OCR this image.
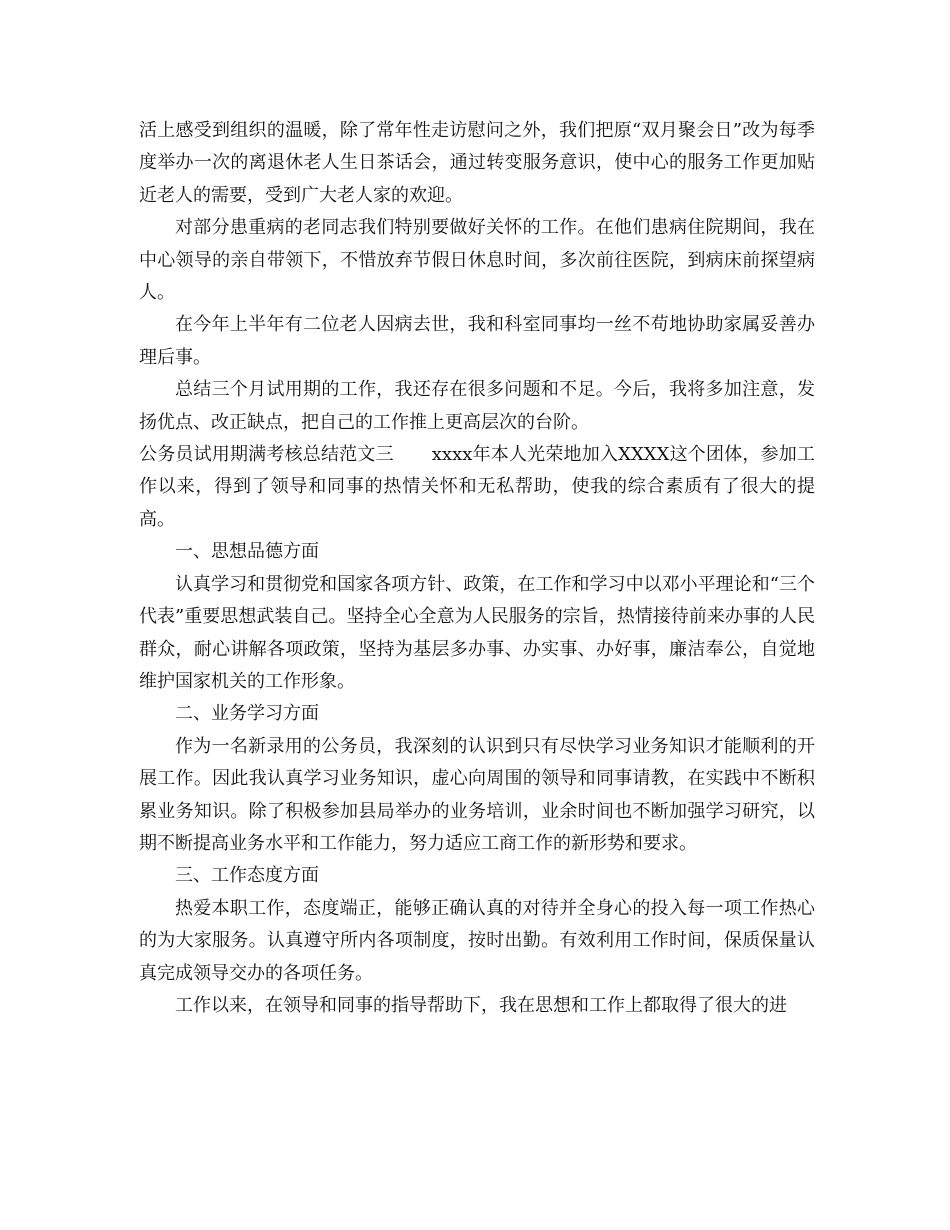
活上感受到组织的温暖，除了常年性走访慰问之外，我们把原“双月聚会日”改为每季度举办一次的离退休老人生日茶话会，通过转变服务意识，使中心的服务工作更加贴近老人的需要，受到广大老人家的欢迎。

对部分患重病的老同志我们特别要做好关怀的工作。在他们患病住院期间，我在中心领导的亲自带领下，不惜放弃节假日休息时间，多次前往医院，到病床前探望病人。

在今年上半年有二位老人因病去世，我和科室同事均一丝不苟地协助家属妥善办理后事。

总结三个月试用期的工作，我还存在很多问题和不足。今后，我将多加注意，发扬优点、改正缺点，把自己的工作推上更高层次的台阶。

公务员试用期满考核总结范文三 xxxx年本人光荣地加入XXXX这个团体，参加工作以来，得到了领导和同事的热情关怀和无私帮助，使我的综合素质有了很大的提高。

一、思想品德方面

认真学习和贯彻党和国家各项方针、政策，在工作和学习中以邓小平理论和“三个代表”重要思想武装自己。坚持全心全意为人民服务的宗旨，热情接待前来办事的人民群众，耐心讲解各项政策，坚持为基层多办事、办实事、办好事，廉洁奉公，自觉地维护国家机关的工作形象。

二、业务学习方面

作为一名新录用的公务员，我深刻的认识到只有尽快学习业务知识才能顺利的开展工作。因此我认真学习业务知识，虚心向周围的领导和同事请教，在实践中不断积累业务知识。除了积极参加县局举办的业务培训，业余时间也不断加强学习研究，以期不断提高业务水平和工作能力，努力适应工商工作的新形势和要求。

三、工作态度方面

热爱本职工作，态度端正，能够正确认真的对待并全身心的投入每一项工作热心的为大家服务。认真遵守所内各项制度，按时出勤。有效利用工作时间，保质保量认真完成领导交办的各项任务。

工作以来，在领导和同事的指导帮助下，我在思想和工作上都取得了很大的进
